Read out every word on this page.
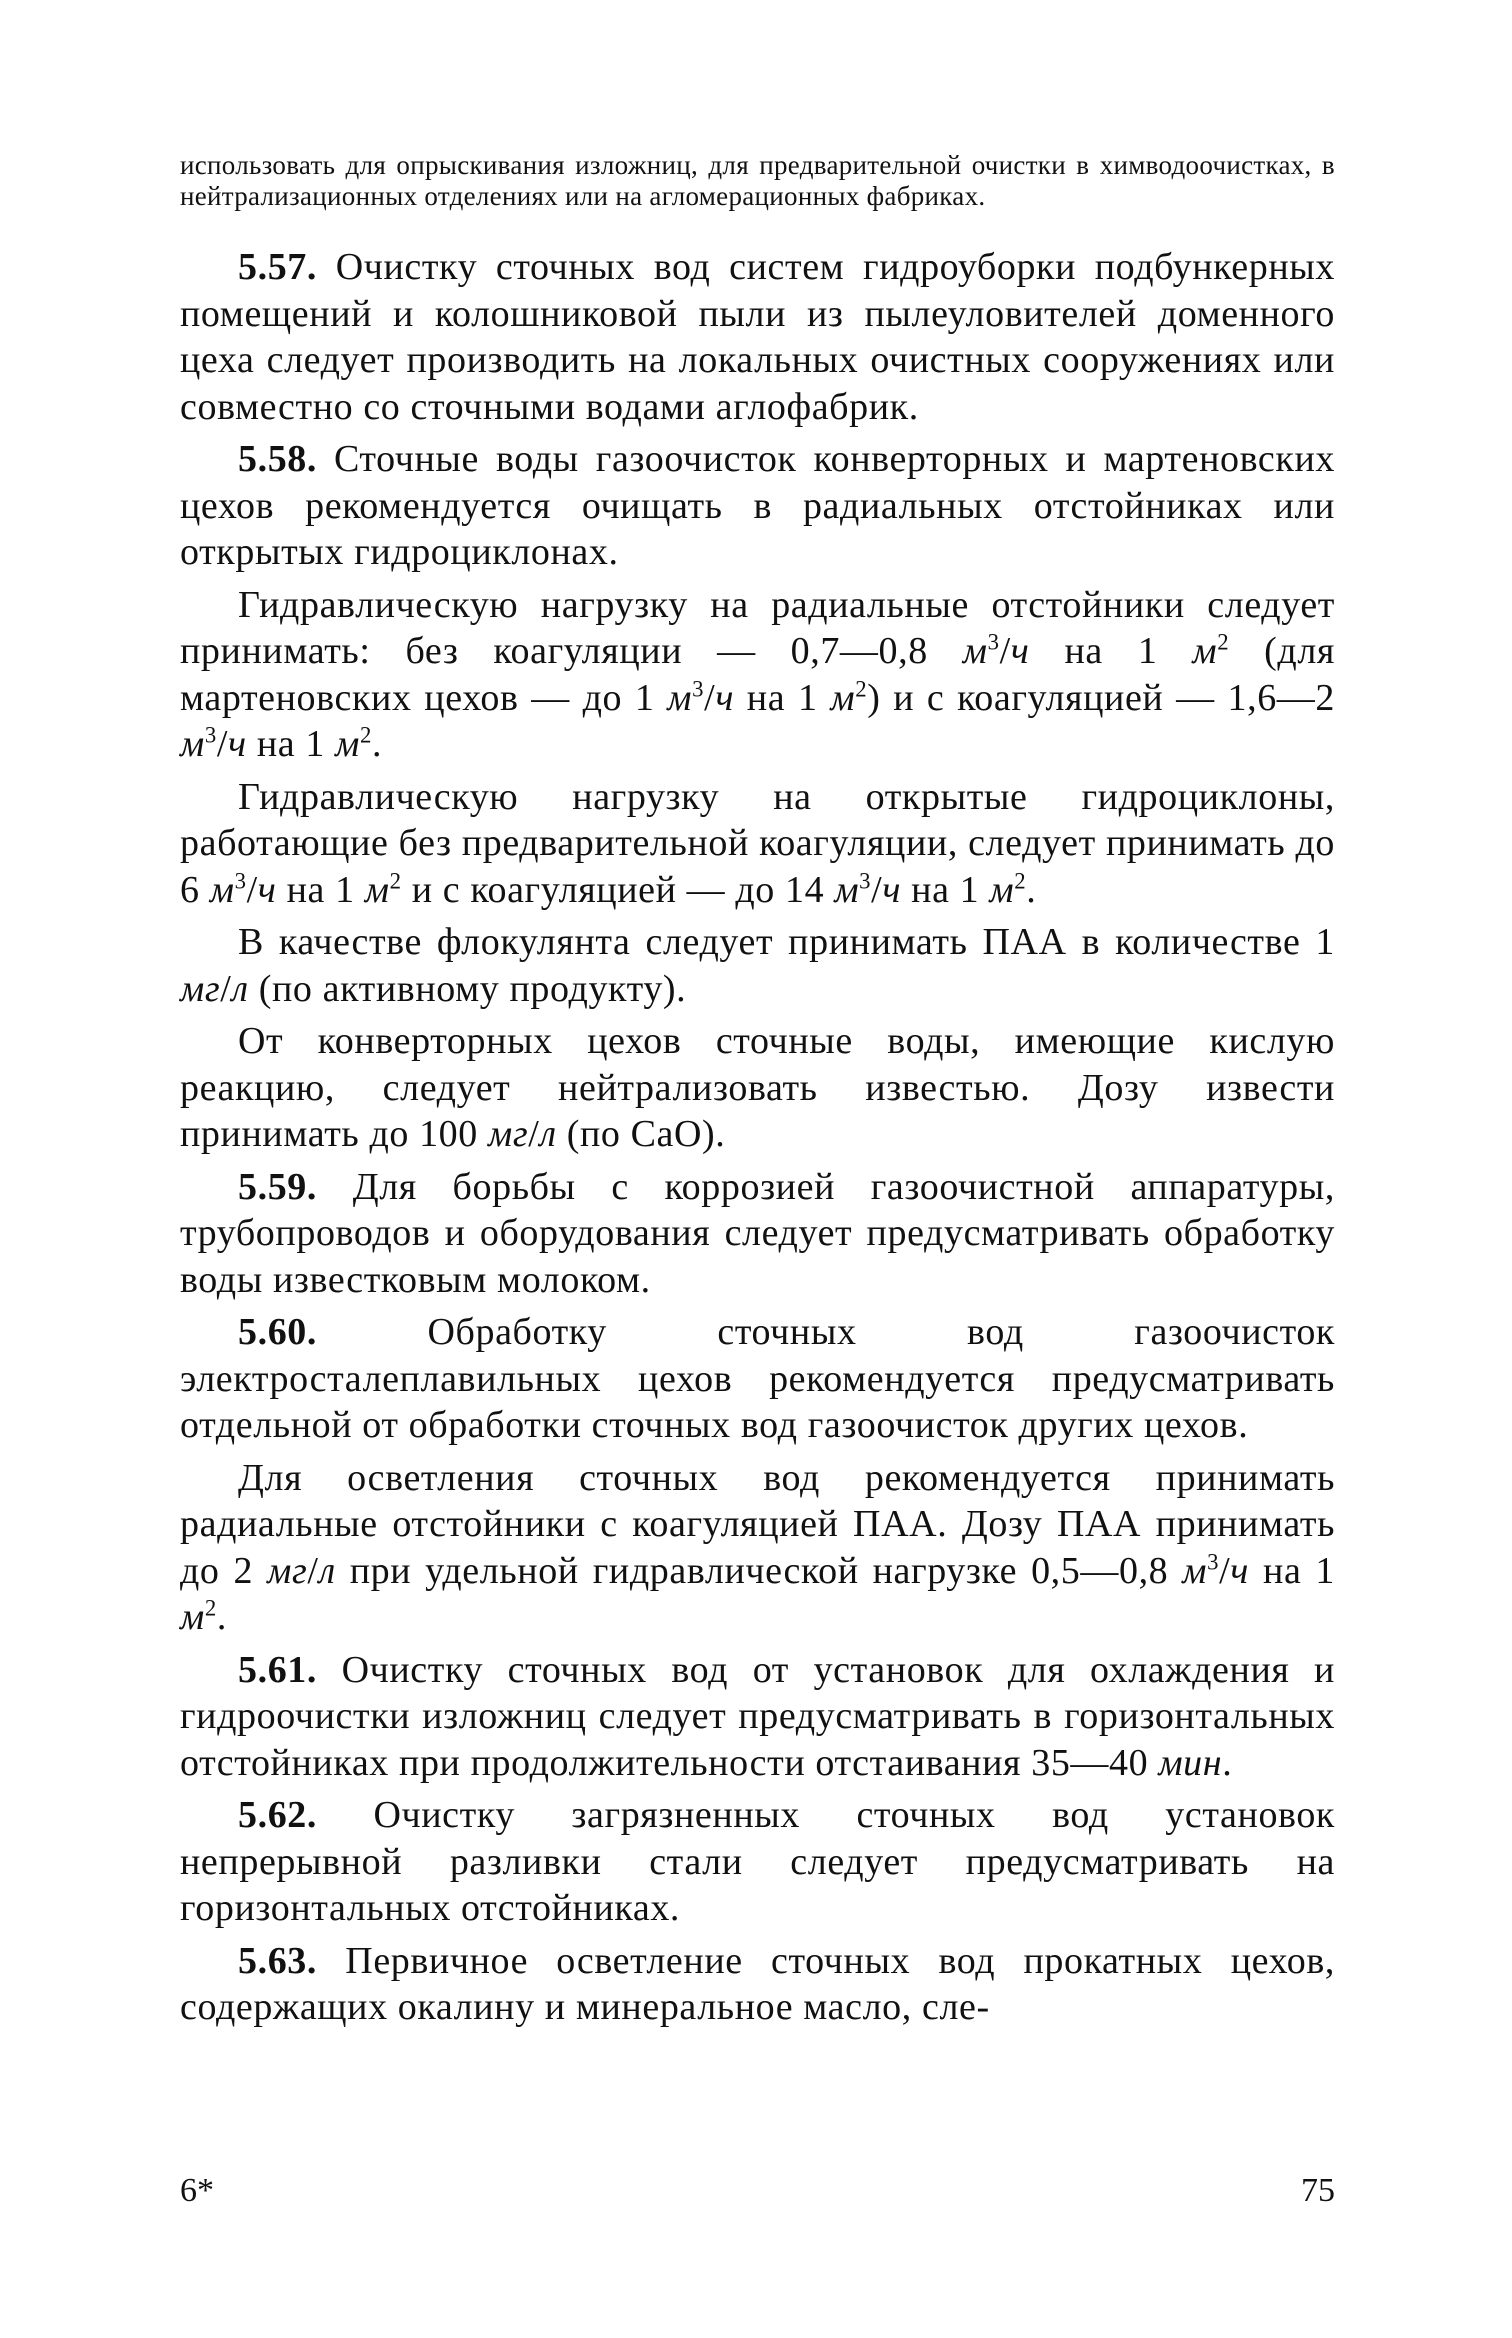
использовать для опрыскивания изложниц, для предварительной очистки в химводоочистках, в нейтрализационных отделениях или на агломерационных фабриках.

5.57. Очистку сточных вод систем гидроуборки подбункерных помещений и колошниковой пыли из пылеуловителей доменного цеха следует производить на локальных очистных сооружениях или совместно со сточными водами аглофабрик.

5.58. Сточные воды газоочисток конверторных и мартеновских цехов рекомендуется очищать в радиальных отстойниках или открытых гидроциклонах.

Гидравлическую нагрузку на радиальные отстойники следует принимать: без коагуляции — 0,7—0,8 $м^3/ч$ на 1 $м^2$ (для мартеновских цехов — до 1 $м^3/ч$ на 1 $м^2$) и с коагуляцией — 1,6—2 $м^3/ч$ на 1 $м^2$.

Гидравлическую нагрузку на открытые гидроциклоны, работающие без предварительной коагуляции, следует принимать до 6 $м^3/ч$ на 1 $м^2$ и с коагуляцией — до 14 $м^3/ч$ на 1 $м^2$.

В качестве флокулянта следует принимать ПАА в количестве 1 мг/л (по активному продукту).

От конверторных цехов сточные воды, имеющие кислую реакцию, следует нейтрализовать известью. Дозу извести принимать до 100 мг/л (по CaO).

5.59. Для борьбы с коррозией газоочистной аппаратуры, трубопроводов и оборудования следует предусматривать обработку воды известковым молоком.

5.60. Обработку сточных вод газоочисток электросталеплавильных цехов рекомендуется предусматривать отдельной от обработки сточных вод газоочисток других цехов.

Для осветления сточных вод рекомендуется принимать радиальные отстойники с коагуляцией ПАА. Дозу ПАА принимать до 2 мг/л при удельной гидравлической нагрузке 0,5—0,8 $м^3/ч$ на 1 $м^2$.

5.61. Очистку сточных вод от установок для охлаждения и гидроочистки изложниц следует предусматривать в горизонтальных отстойниках при продолжительности отстаивания 35—40 мин.

5.62. Очистку загрязненных сточных вод установок непрерывной разливки стали следует предусматривать на горизонтальных отстойниках.

5.63. Первичное осветление сточных вод прокатных цехов, содержащих окалину и минеральное масло, сле-

6*	75
